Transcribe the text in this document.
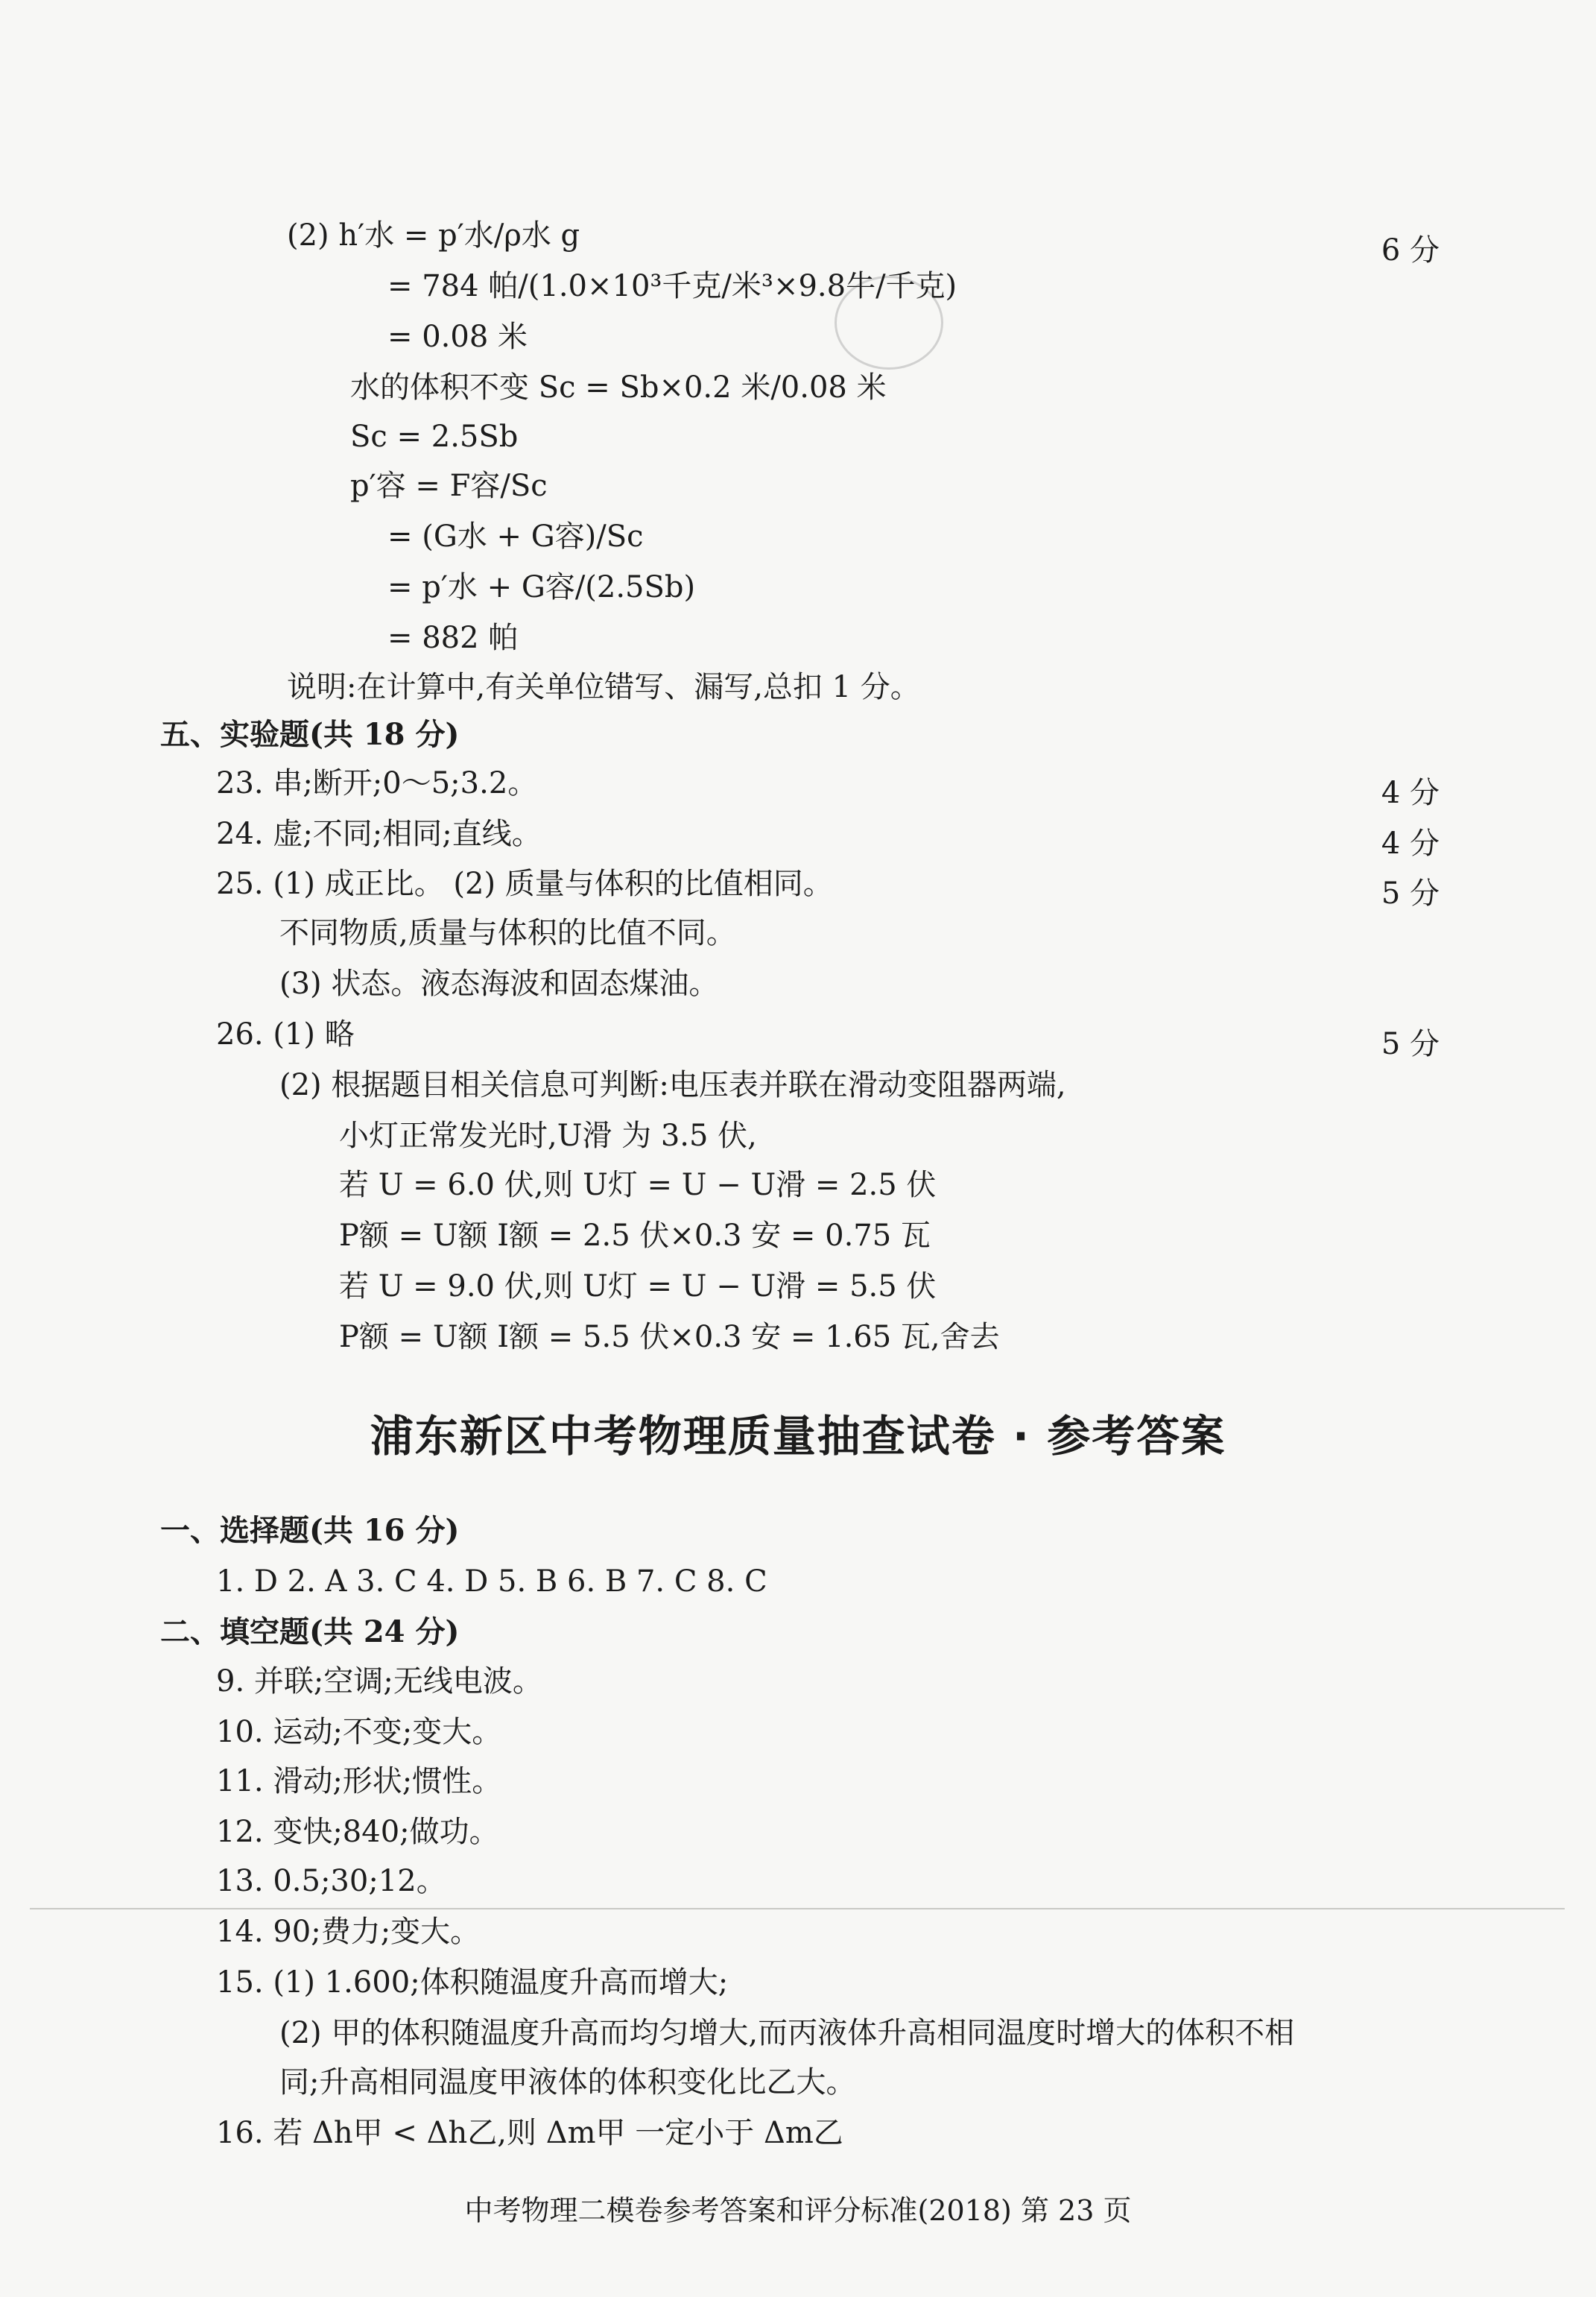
(2) h′水 = p′水/ρ水 g
= 784 帕/(1.0×10³千克/米³×9.8牛/千克)
= 0.08 米
水的体积不变 Sc = Sb×0.2 米/0.08 米
Sc = 2.5Sb
p′容 = F容/Sc
= (G水 + G容)/Sc
= p′水 + G容/(2.5Sb)
= 882 帕
说明:在计算中,有关单位错写、漏写,总扣 1 分。
五、实验题(共 18 分)
23. 串;断开;0～5;3.2。
24. 虚;不同;相同;直线。
25. (1) 成正比。 (2) 质量与体积的比值相同。
不同物质,质量与体积的比值不同。
(3) 状态。液态海波和固态煤油。
26. (1) 略
(2) 根据题目相关信息可判断:电压表并联在滑动变阻器两端,
小灯正常发光时,U滑 为 3.5 伏,
若 U = 6.0 伏,则 U灯 = U − U滑 = 2.5 伏
P额 = U额 I额 = 2.5 伏×0.3 安 = 0.75 瓦
若 U = 9.0 伏,则 U灯 = U − U滑 = 5.5 伏
P额 = U额 I额 = 5.5 伏×0.3 安 = 1.65 瓦,舍去
一、选择题(共 16 分)
1. D 2. A 3. C 4. D 5. B 6. B 7. C 8. C
二、填空题(共 24 分)
9. 并联;空调;无线电波。
10. 运动;不变;变大。
11. 滑动;形状;惯性。
12. 变快;840;做功。
13. 0.5;30;12。
14. 90;费力;变大。
15. (1) 1.600;体积随温度升高而增大;
(2) 甲的体积随温度升高而均匀增大,而丙液体升高相同温度时增大的体积不相
同;升高相同温度甲液体的体积变化比乙大。
16. 若 Δh甲 < Δh乙,则 Δm甲 一定小于 Δm乙
6 分
4 分
4 分
5 分
5 分
浦东新区中考物理质量抽查试卷 · 参考答案
中考物理二模卷参考答案和评分标准(2018) 第 23 页
